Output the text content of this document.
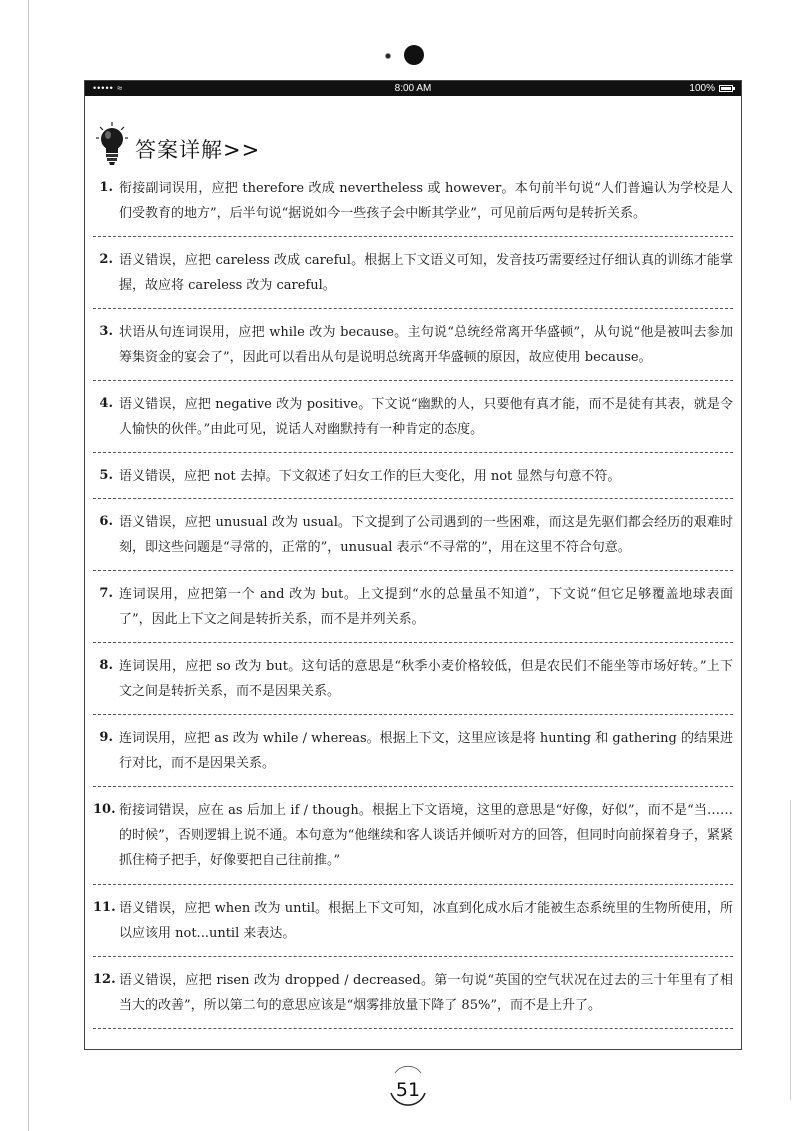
••••• ≈	8:00 AM	100%
答案详解>>
1. 衔接副词误用，应把 therefore 改成 nevertheless 或 however。本句前半句说“人们普遍认为学校是人们受教育的地方”，后半句说“据说如今一些孩子会中断其学业”，可见前后两句是转折关系。
2. 语义错误，应把 careless 改成 careful。根据上下文语义可知，发音技巧需要经过仔细认真的训练才能掌握，故应将 careless 改为 careful。
3. 状语从句连词误用，应把 while 改为 because。主句说“总统经常离开华盛顿”，从句说“他是被叫去参加筹集资金的宴会了”，因此可以看出从句是说明总统离开华盛顿的原因，故应使用 because。
4. 语义错误，应把 negative 改为 positive。下文说“幽默的人，只要他有真才能，而不是徒有其表，就是令人愉快的伙伴。”由此可见，说话人对幽默持有一种肯定的态度。
5. 语义错误，应把 not 去掉。下文叙述了妇女工作的巨大变化，用 not 显然与句意不符。
6. 语义错误，应把 unusual 改为 usual。下文提到了公司遇到的一些困难，而这是先驱们都会经历的艰难时刻，即这些问题是“寻常的，正常的”，unusual 表示“不寻常的”，用在这里不符合句意。
7. 连词误用，应把第一个 and 改为 but。上文提到“水的总量虽不知道”，下文说“但它足够覆盖地球表面了”，因此上下文之间是转折关系，而不是并列关系。
8. 连词误用，应把 so 改为 but。这句话的意思是“秋季小麦价格较低，但是农民们不能坐等市场好转。”上下文之间是转折关系，而不是因果关系。
9. 连词误用，应把 as 改为 while / whereas。根据上下文，这里应该是将 hunting 和 gathering 的结果进行对比，而不是因果关系。
10. 衔接词错误，应在 as 后加上 if / though。根据上下文语境，这里的意思是“好像，好似”，而不是“当……的时候”，否则逻辑上说不通。本句意为“他继续和客人谈话并倾听对方的回答，但同时向前探着身子，紧紧抓住椅子把手，好像要把自己往前推。”
11. 语义错误，应把 when 改为 until。根据上下文可知，冰直到化成水后才能被生态系统里的生物所使用，所以应该用 not...until 来表达。
12. 语义错误，应把 risen 改为 dropped / decreased。第一句说“英国的空气状况在过去的三十年里有了相当大的改善”，所以第二句的意思应该是“烟雾排放量下降了 85%”，而不是上升了。
51
